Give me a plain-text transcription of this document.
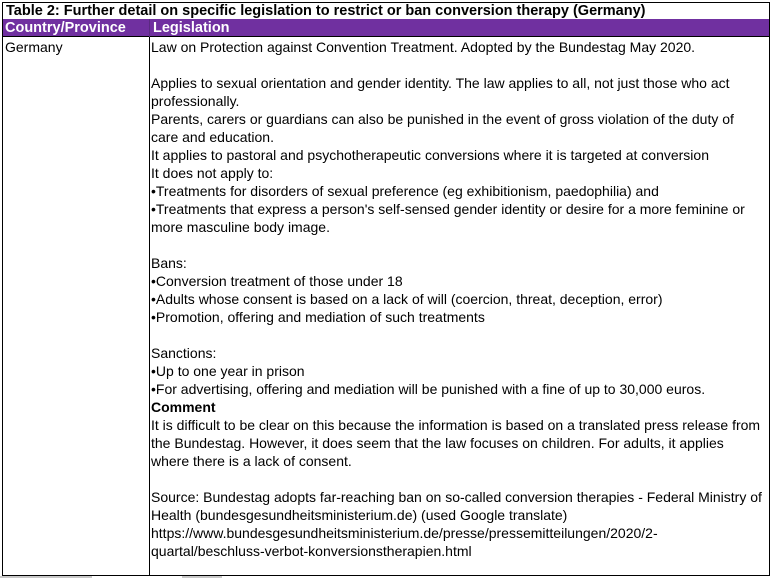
Table 2: Further detail on specific legislation to restrict or ban conversion therapy (Germany)
Country/Province Legislation
Germany	Law on Protection against Convention Treatment. Adopted by the Bundestag May 2020.

Applies to sexual orientation and gender identity. The law applies to all, not just those who act professionally.

Parents, carers or guardians can also be punished in the event of gross violation of the duty of care and education.

It applies to pastoral and psychotherapeutic conversions where it is targeted at conversion

It does not apply to:

•Treatments for disorders of sexual preference (eg exhibitionism, paedophilia) and

•Treatments that express a person's self-sensed gender identity or desire for a more feminine or more masculine body image.

Bans:

•Conversion treatment of those under 18

•Adults whose consent is based on a lack of will (coercion, threat, deception, error)

•Promotion, offering and mediation of such treatments

Sanctions:

•Up to one year in prison

•For advertising, offering and mediation will be punished with a fine of up to 30,000 euros.

Comment

It is difficult to be clear on this because the information is based on a translated press release from the Bundestag. However, it does seem that the law focuses on children. For adults, it applies where there is a lack of consent.

Source: Bundestag adopts far-reaching ban on so-called conversion therapies - Federal Ministry of Health (bundesgesundheitsministerium.de) (used Google translate)

https://www.bundesgesundheitsministerium.de/presse/pressemitteilungen/2020/2-quartal/beschluss-verbot-konversionstherapien.html
